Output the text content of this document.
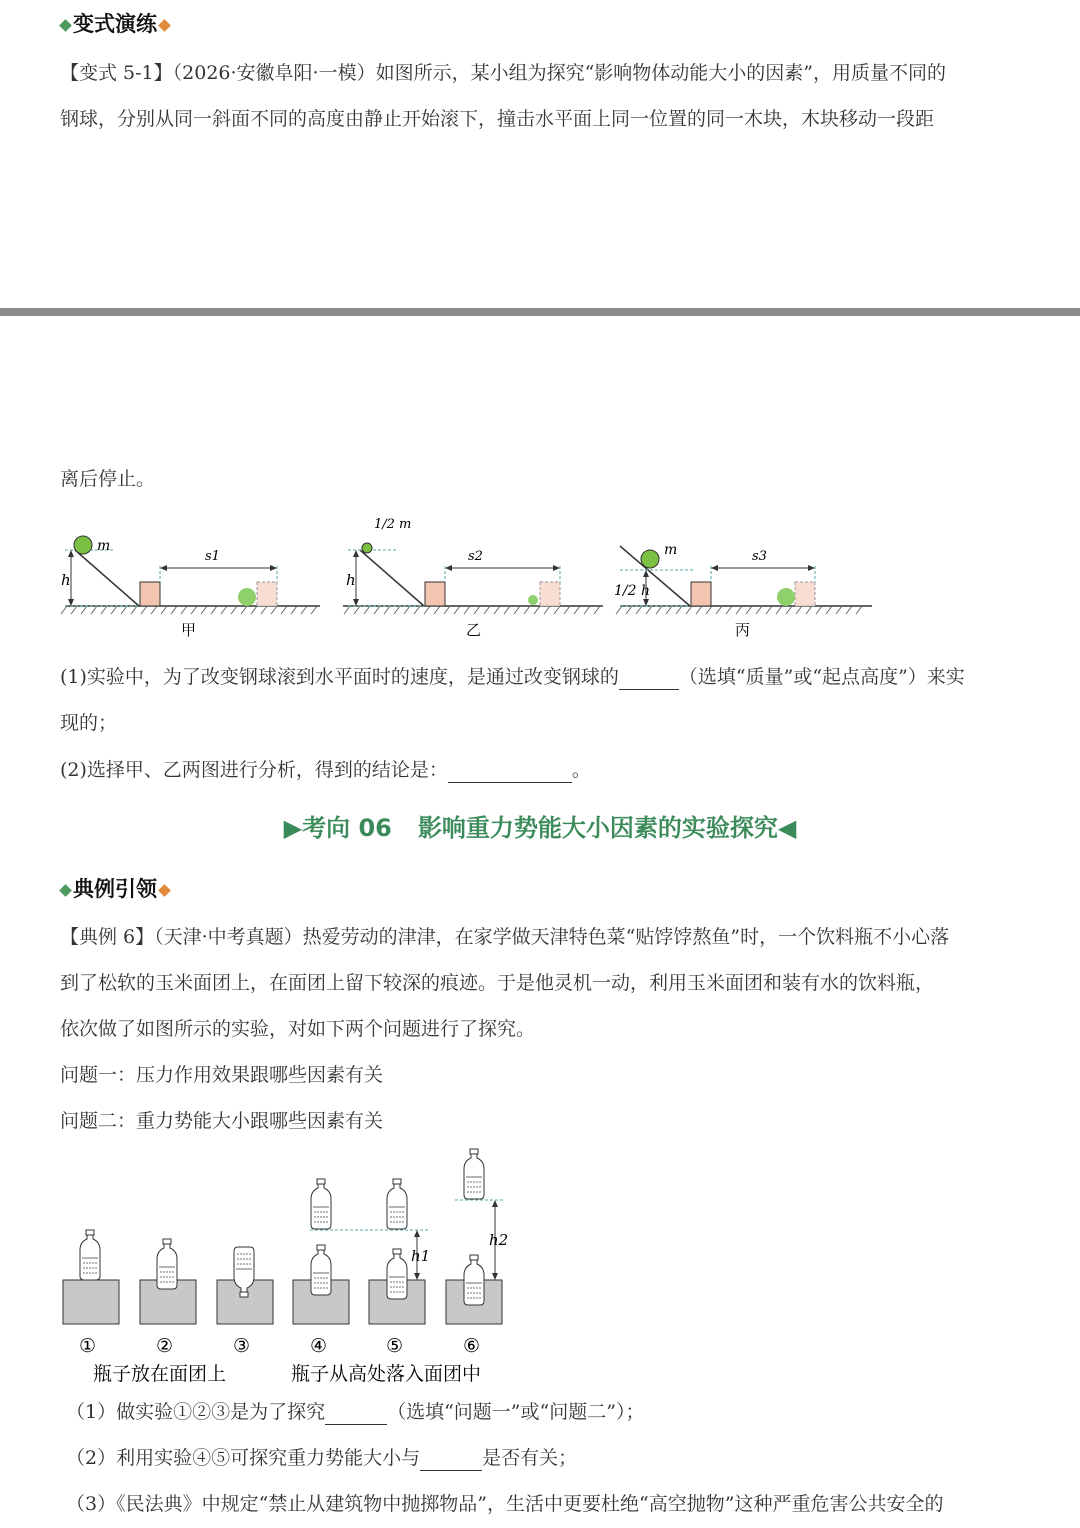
变式演练
【变式 5-1】（2026·安徽阜阳·一模）如图所示，某小组为探究“影响物体动能大小的因素”，用质量不同的
钢球，分别从同一斜面不同的高度由静止开始滚下，撞击水平面上同一位置的同一木块，木块移动一段距
离后停止。
h
m
s1
甲
h
1/2 m
s2
乙
1/2 h
m	s3
丙
(1)实验中，为了改变钢球滚到水平面时的速度，是通过改变钢球的	（选填“质量”或“起点高度”）来实
现的；
(2)选择甲、乙两图进行分析，得到的结论是：	。
▶考向 06 影响重力势能大小因素的实验探究◀
典例引领
【典例 6】（天津·中考真题）热爱劳动的津津，在家学做天津特色菜“贴饽饽熬鱼”时，一个饮料瓶不小心落
到了松软的玉米面团上，在面团上留下较深的痕迹。于是他灵机一动，利用玉米面团和装有水的饮料瓶，
依次做了如图所示的实验，对如下两个问题进行了探究。
问题一：压力作用效果跟哪些因素有关
问题二：重力势能大小跟哪些因素有关
h1
h2
①	②	③	④	⑤	⑥
瓶子放在面团上	瓶子从高处落入面团中
（1）做实验①②③是为了探究	（选填“问题一”或“问题二”）；
（2）利用实验④⑤可探究重力势能大小与	是否有关；
（3）《民法典》中规定“禁止从建筑物中抛掷物品”，生活中更要杜绝“高空抛物”这种严重危害公共安全的
